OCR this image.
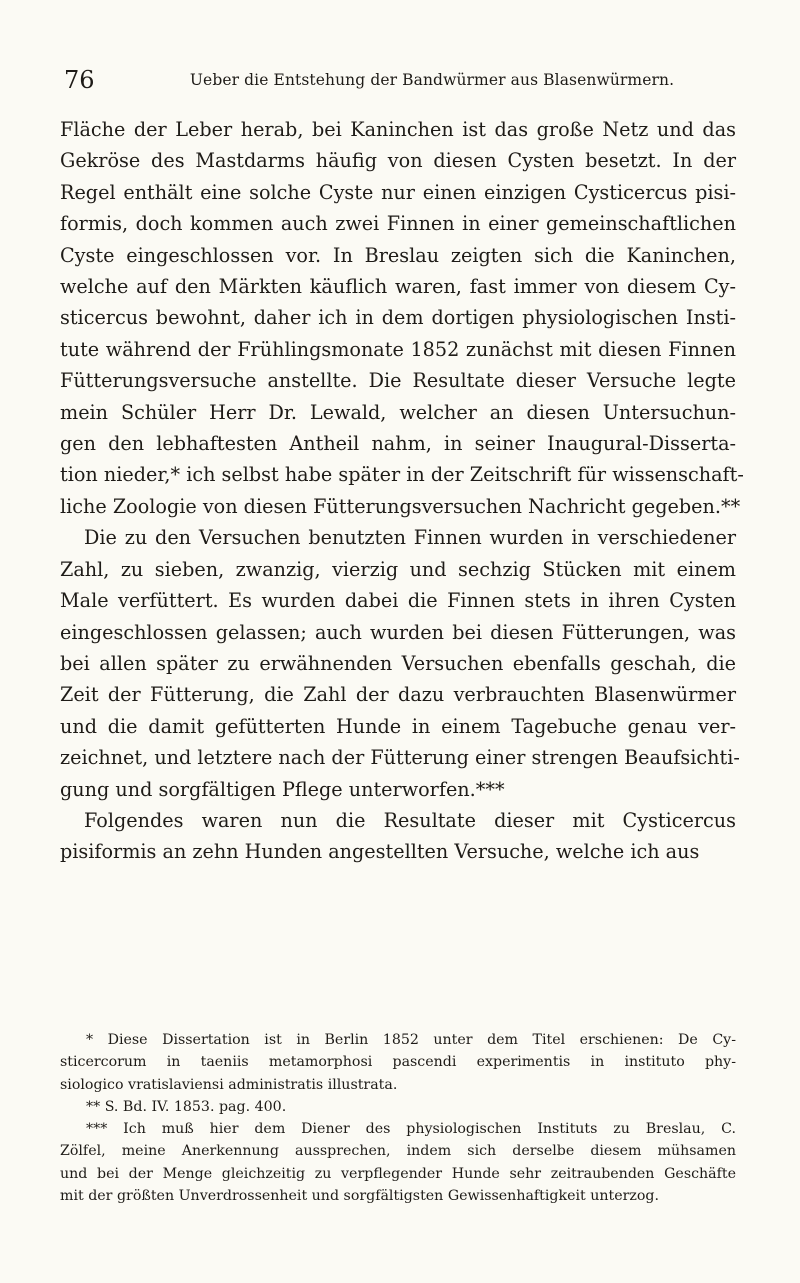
76	Ueber die Entstehung der Bandwürmer aus Blasenwürmern.
Fläche der Leber herab, bei Kaninchen ist das große Netz und das
Gekröse des Mastdarms häufig von diesen Cysten besetzt. In der
Regel enthält eine solche Cyste nur einen einzigen Cysticercus pisi-
formis, doch kommen auch zwei Finnen in einer gemeinschaftlichen
Cyste eingeschlossen vor. In Breslau zeigten sich die Kaninchen,
welche auf den Märkten käuflich waren, fast immer von diesem Cy-
sticercus bewohnt, daher ich in dem dortigen physiologischen Insti-
tute während der Frühlingsmonate 1852 zunächst mit diesen Finnen
Fütterungsversuche anstellte. Die Resultate dieser Versuche legte
mein Schüler Herr Dr. Lewald, welcher an diesen Untersuchun-
gen den lebhaftesten Antheil nahm, in seiner Inaugural-Disserta-
tion nieder,* ich selbst habe später in der Zeitschrift für wissenschaft-
liche Zoologie von diesen Fütterungsversuchen Nachricht gegeben.**
Die zu den Versuchen benutzten Finnen wurden in verschiedener
Zahl, zu sieben, zwanzig, vierzig und sechzig Stücken mit einem
Male verfüttert. Es wurden dabei die Finnen stets in ihren Cysten
eingeschlossen gelassen; auch wurden bei diesen Fütterungen, was
bei allen später zu erwähnenden Versuchen ebenfalls geschah, die
Zeit der Fütterung, die Zahl der dazu verbrauchten Blasenwürmer
und die damit gefütterten Hunde in einem Tagebuche genau ver-
zeichnet, und letztere nach der Fütterung einer strengen Beaufsichti-
gung und sorgfältigen Pflege unterworfen.***
Folgendes waren nun die Resultate dieser mit Cysticercus
pisiformis an zehn Hunden angestellten Versuche, welche ich aus
* Diese Dissertation ist in Berlin 1852 unter dem Titel erschienen: De Cy-
sticercorum in taeniis metamorphosi pascendi experimentis in instituto phy-
siologico vratislaviensi administratis illustrata.
** S. Bd. IV. 1853. pag. 400.
*** Ich muß hier dem Diener des physiologischen Instituts zu Breslau, C.
Zölfel, meine Anerkennung aussprechen, indem sich derselbe diesem mühsamen
und bei der Menge gleichzeitig zu verpflegender Hunde sehr zeitraubenden Geschäfte
mit der größten Unverdrossenheit und sorgfältigsten Gewissenhaftigkeit unterzog.
